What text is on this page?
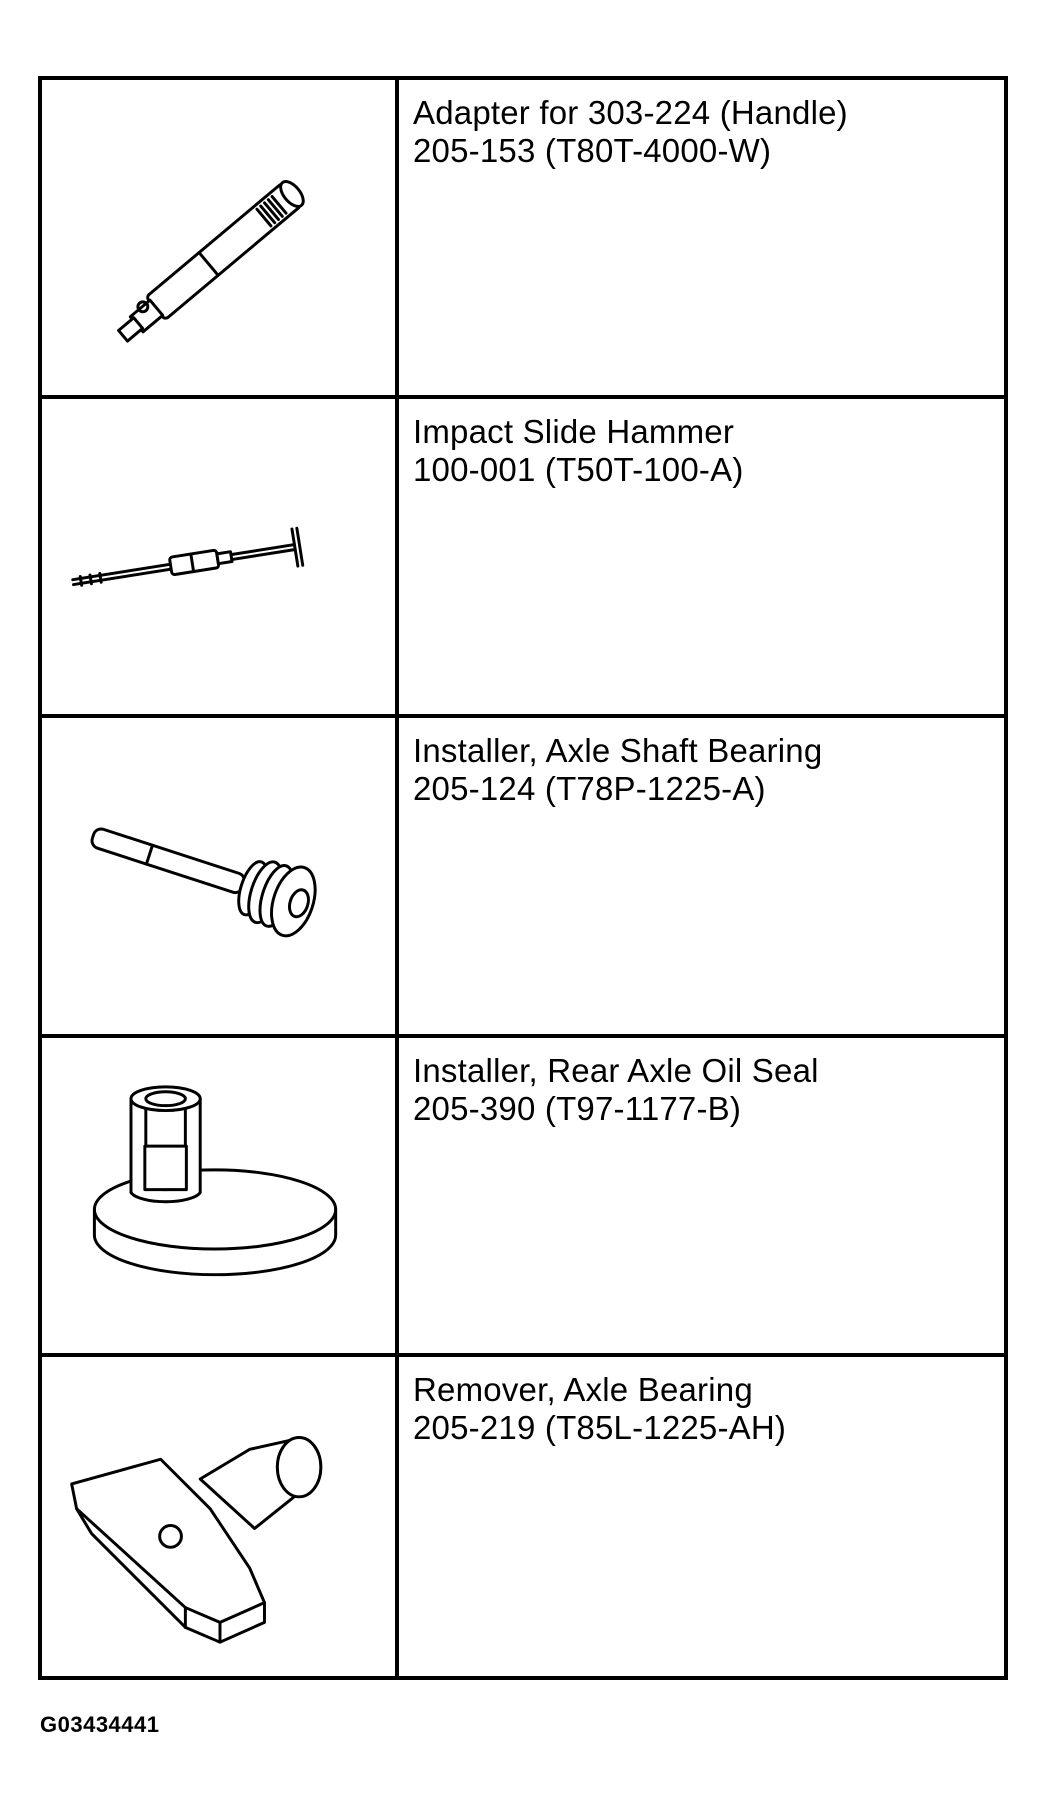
Adapter for 303-224 (Handle)
205-153 (T80T-4000-W)
Impact Slide Hammer
100-001 (T50T-100-A)
Installer, Axle Shaft Bearing
205-124 (T78P-1225-A)
Installer, Rear Axle Oil Seal
205-390 (T97-1177-B)
Remover, Axle Bearing
205-219 (T85L-1225-AH)
G03434441
